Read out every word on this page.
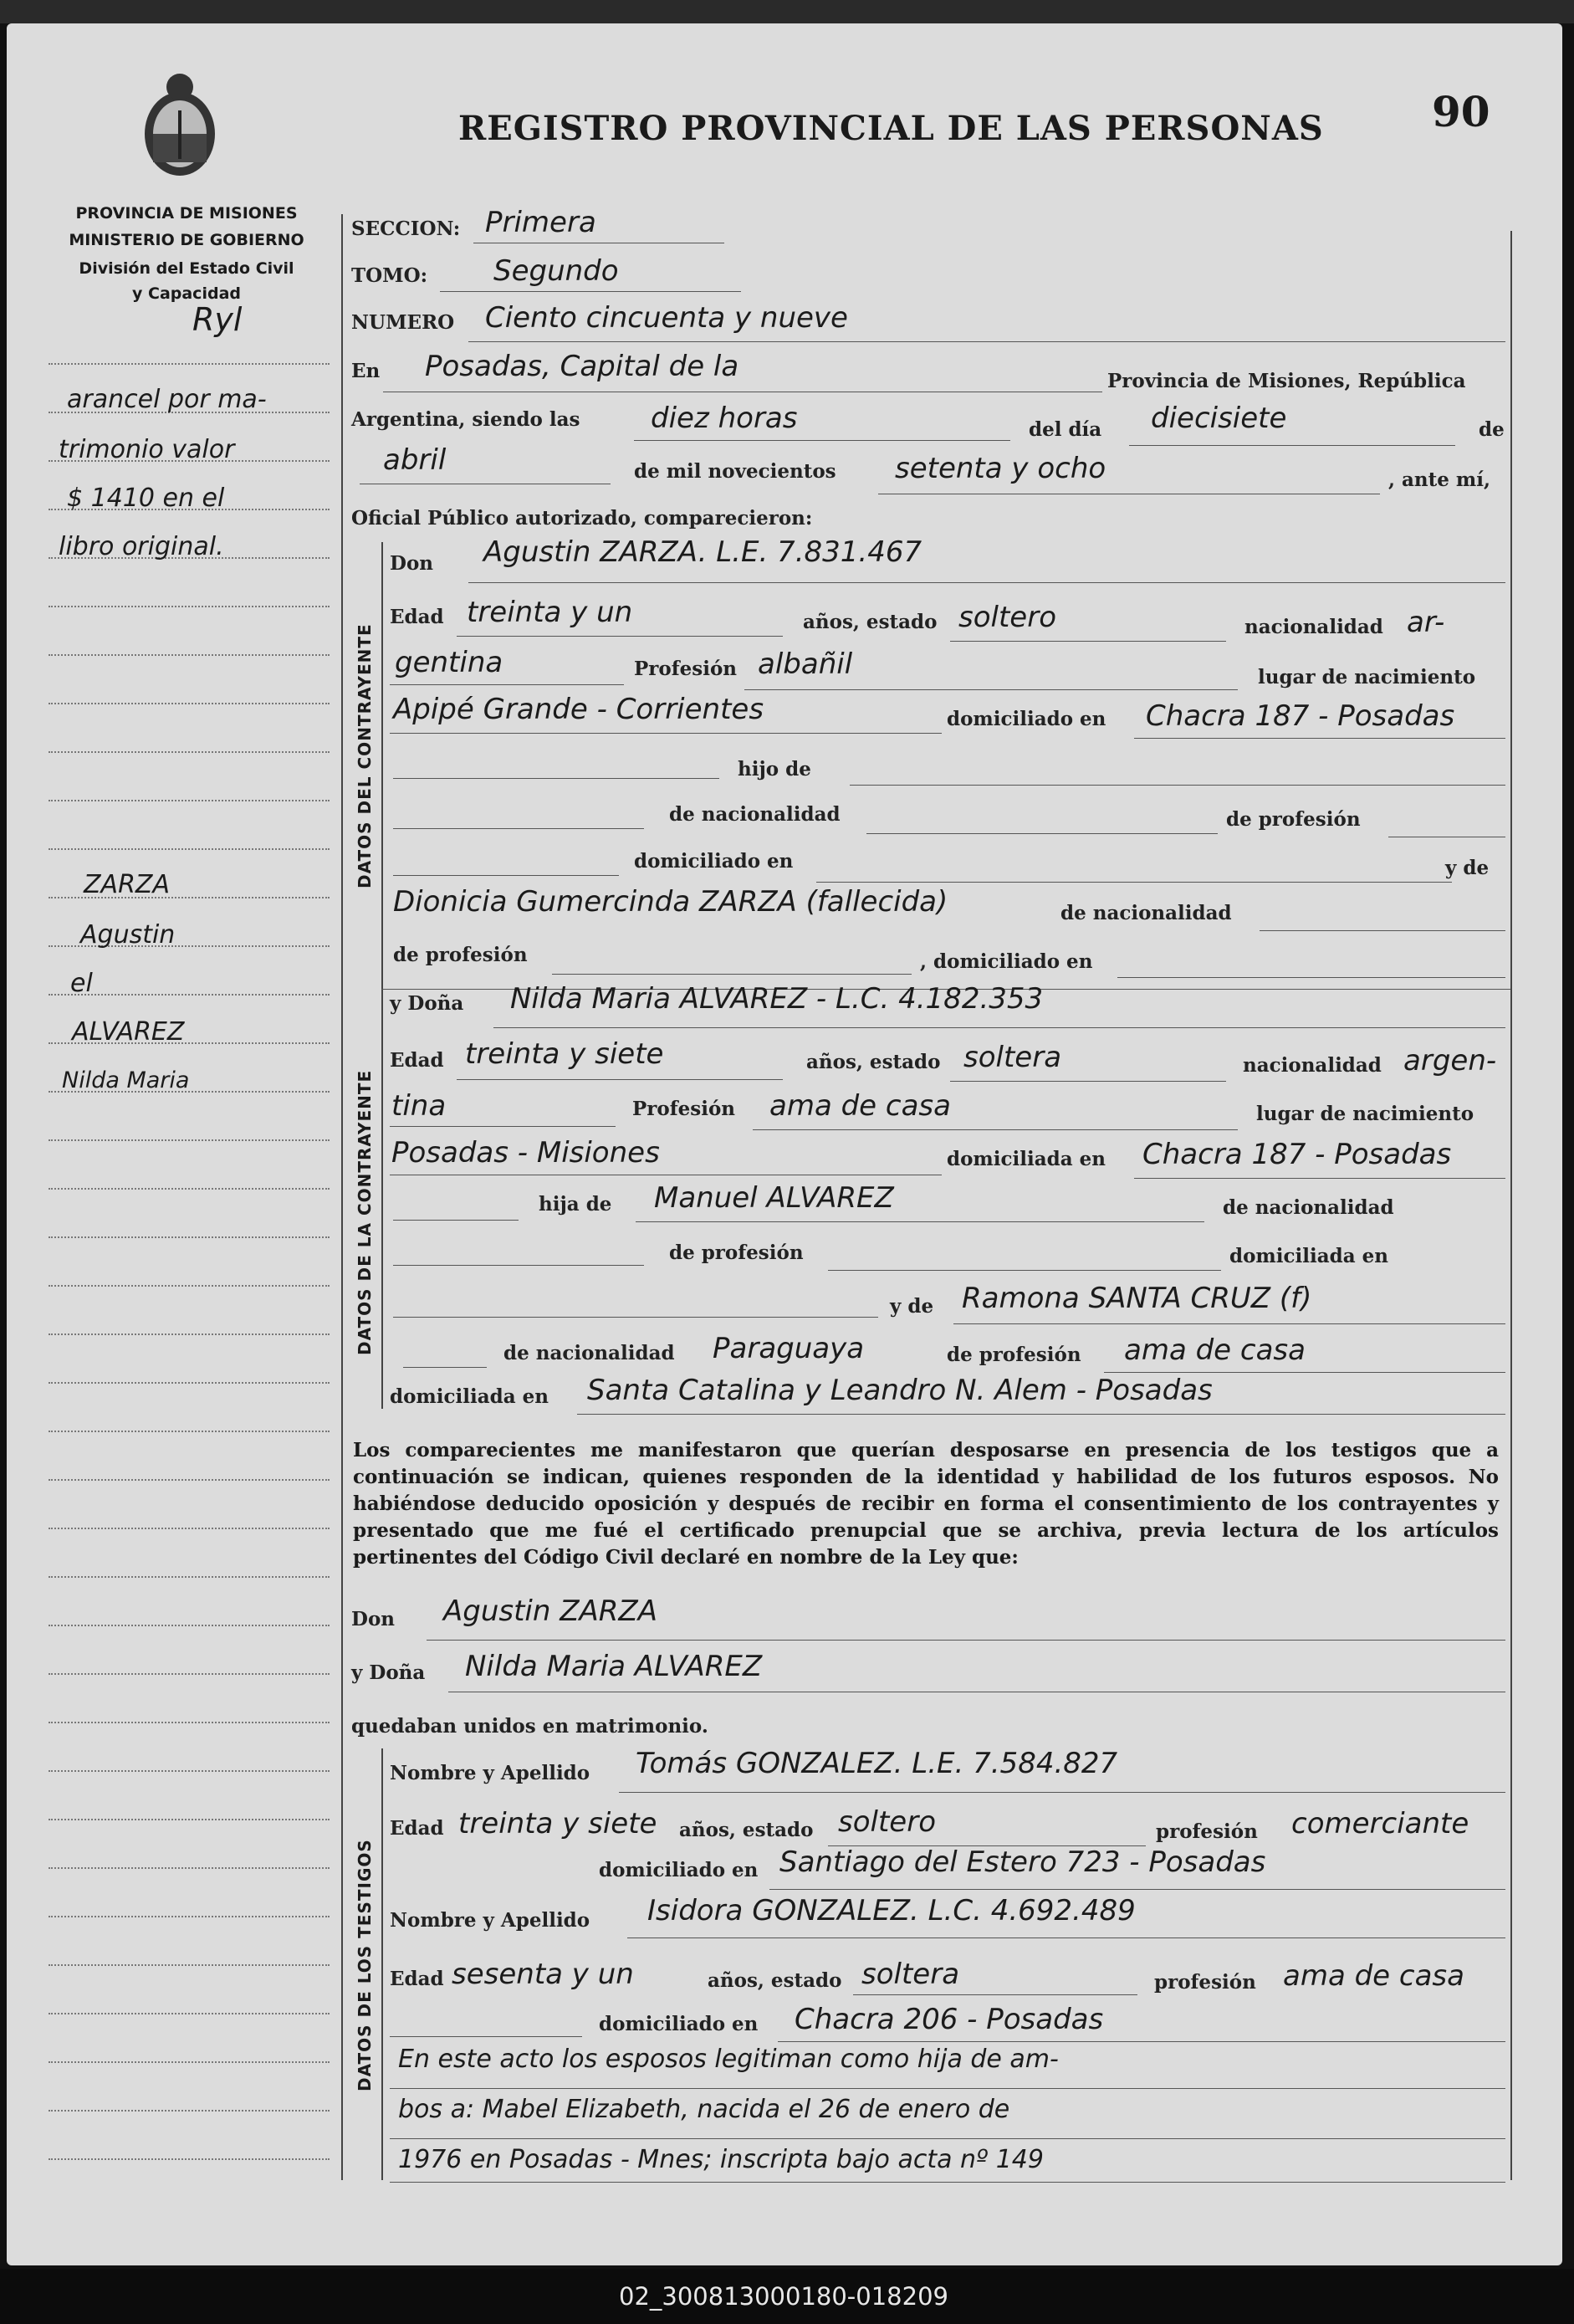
PROVINCIA DE MISIONES
MINISTERIO DE GOBIERNO
División del Estado Civil
y Capacidad
Ryl
REGISTRO PROVINCIAL DE LAS PERSONAS	90
arancel por ma-
trimonio valor
$ 1410 en el
libro original.
ZARZA
Agustin
el
ALVAREZ
Nilda Maria
DATOS DEL CONTRAYENTE
DATOS DE LA CONTRAYENTE
DATOS DE LOS TESTIGOS
SECCION: Primera
TOMO: Segundo
NUMERO Ciento cincuenta y nueve
En Posadas, Capital de la	Provincia de Misiones, República
Argentina, siendo las diez horas	del día diecisiete	de
abril	de mil novecientos setenta y ocho	, ante mí,
Oficial Público autorizado, comparecieron:
Don Agustin ZARZA. L.E. 7.831.467
Edad treinta y un	años, estado soltero	nacionalidad ar-
gentina	Profesión albañil	lugar de nacimiento
Apipé Grande - Corrientes	domiciliado en Chacra 187 - Posadas
hijo de
de nacionalidad	de profesión
domiciliado en	y de
Dionicia Gumercinda ZARZA (fallecida)	de nacionalidad
de profesión	, domiciliado en
y Doña Nilda Maria ALVAREZ - L.C. 4.182.353
Edad treinta y siete	años, estado soltera	nacionalidad argen-
tina	Profesión ama de casa	lugar de nacimiento
Posadas - Misiones	domiciliada en Chacra 187 - Posadas
hija de Manuel ALVAREZ	de nacionalidad
de profesión	domiciliada en
y de Ramona SANTA CRUZ (f)
de nacionalidad Paraguaya	de profesión ama de casa
domiciliada en Santa Catalina y Leandro N. Alem - Posadas
Los comparecientes me manifestaron que querían desposarse en presencia de los testigos que a continuación se indican, quienes responden de la identidad y habilidad de los futuros esposos. No habiéndose deducido oposición y después de recibir en forma el consentimiento de los contrayentes y presentado que me fué el certificado prenupcial que se archiva, previa lectura de los artículos pertinentes del Código Civil declaré en nombre de la Ley que:
Don Agustin ZARZA
y Doña Nilda Maria ALVAREZ
quedaban unidos en matrimonio.
Nombre y Apellido Tomás GONZALEZ. L.E. 7.584.827
Edad treinta y siete años, estado soltero	profesión comerciante
domiciliado en Santiago del Estero 723 - Posadas
Nombre y Apellido Isidora GONZALEZ. L.C. 4.692.489
Edad sesenta y un	años, estado soltera	profesión ama de casa
domiciliado en Chacra 206 - Posadas
En este acto los esposos legitiman como hija de am-
bos a: Mabel Elizabeth, nacida el 26 de enero de
1976 en Posadas - Mnes; inscripta bajo acta nº 149
02_300813000180-018209
